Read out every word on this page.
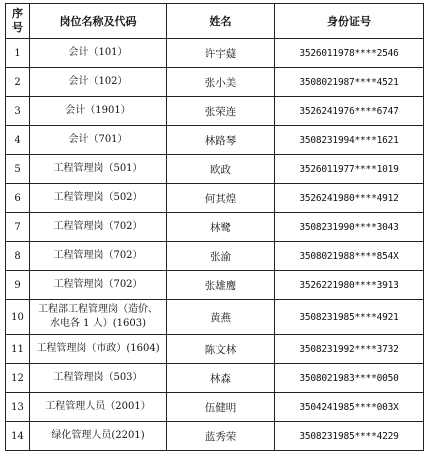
序
号	岗位名称及代码	姓名	身份证号
1	会计（101）	许宇薿	3526011978****2546
2	会计（102）	张小美	3508021987****4521
3	会计（1901）	张荣连	3526241976****6747
4	会计（701）	林路琴	3508231994****1621
5	工程管理岗（501）	欧政	3526011977****1019
6	工程管理岗（502）	何其煌	3526241980****4912
7	工程管理岗（702）	林鹭	3508231990****3043
8	工程管理岗（702）	张渝	3508021988****854X
9	工程管理岗（702）	张雄鹰	3526221980****3913
10	工程部工程管理岗（造价、
水电各 1 人）(1603)	黄燕	3508231985****4921
11	工程管理岗（市政）(1604)	陈文林	3508231992****3732
12	工程管理岗（503）	林森	3508021983****0050
13	工程管理人员（2001）	伍健明	3504241985****003X
14	绿化管理人员(2201)	蓝秀荣	3508231985****4229
